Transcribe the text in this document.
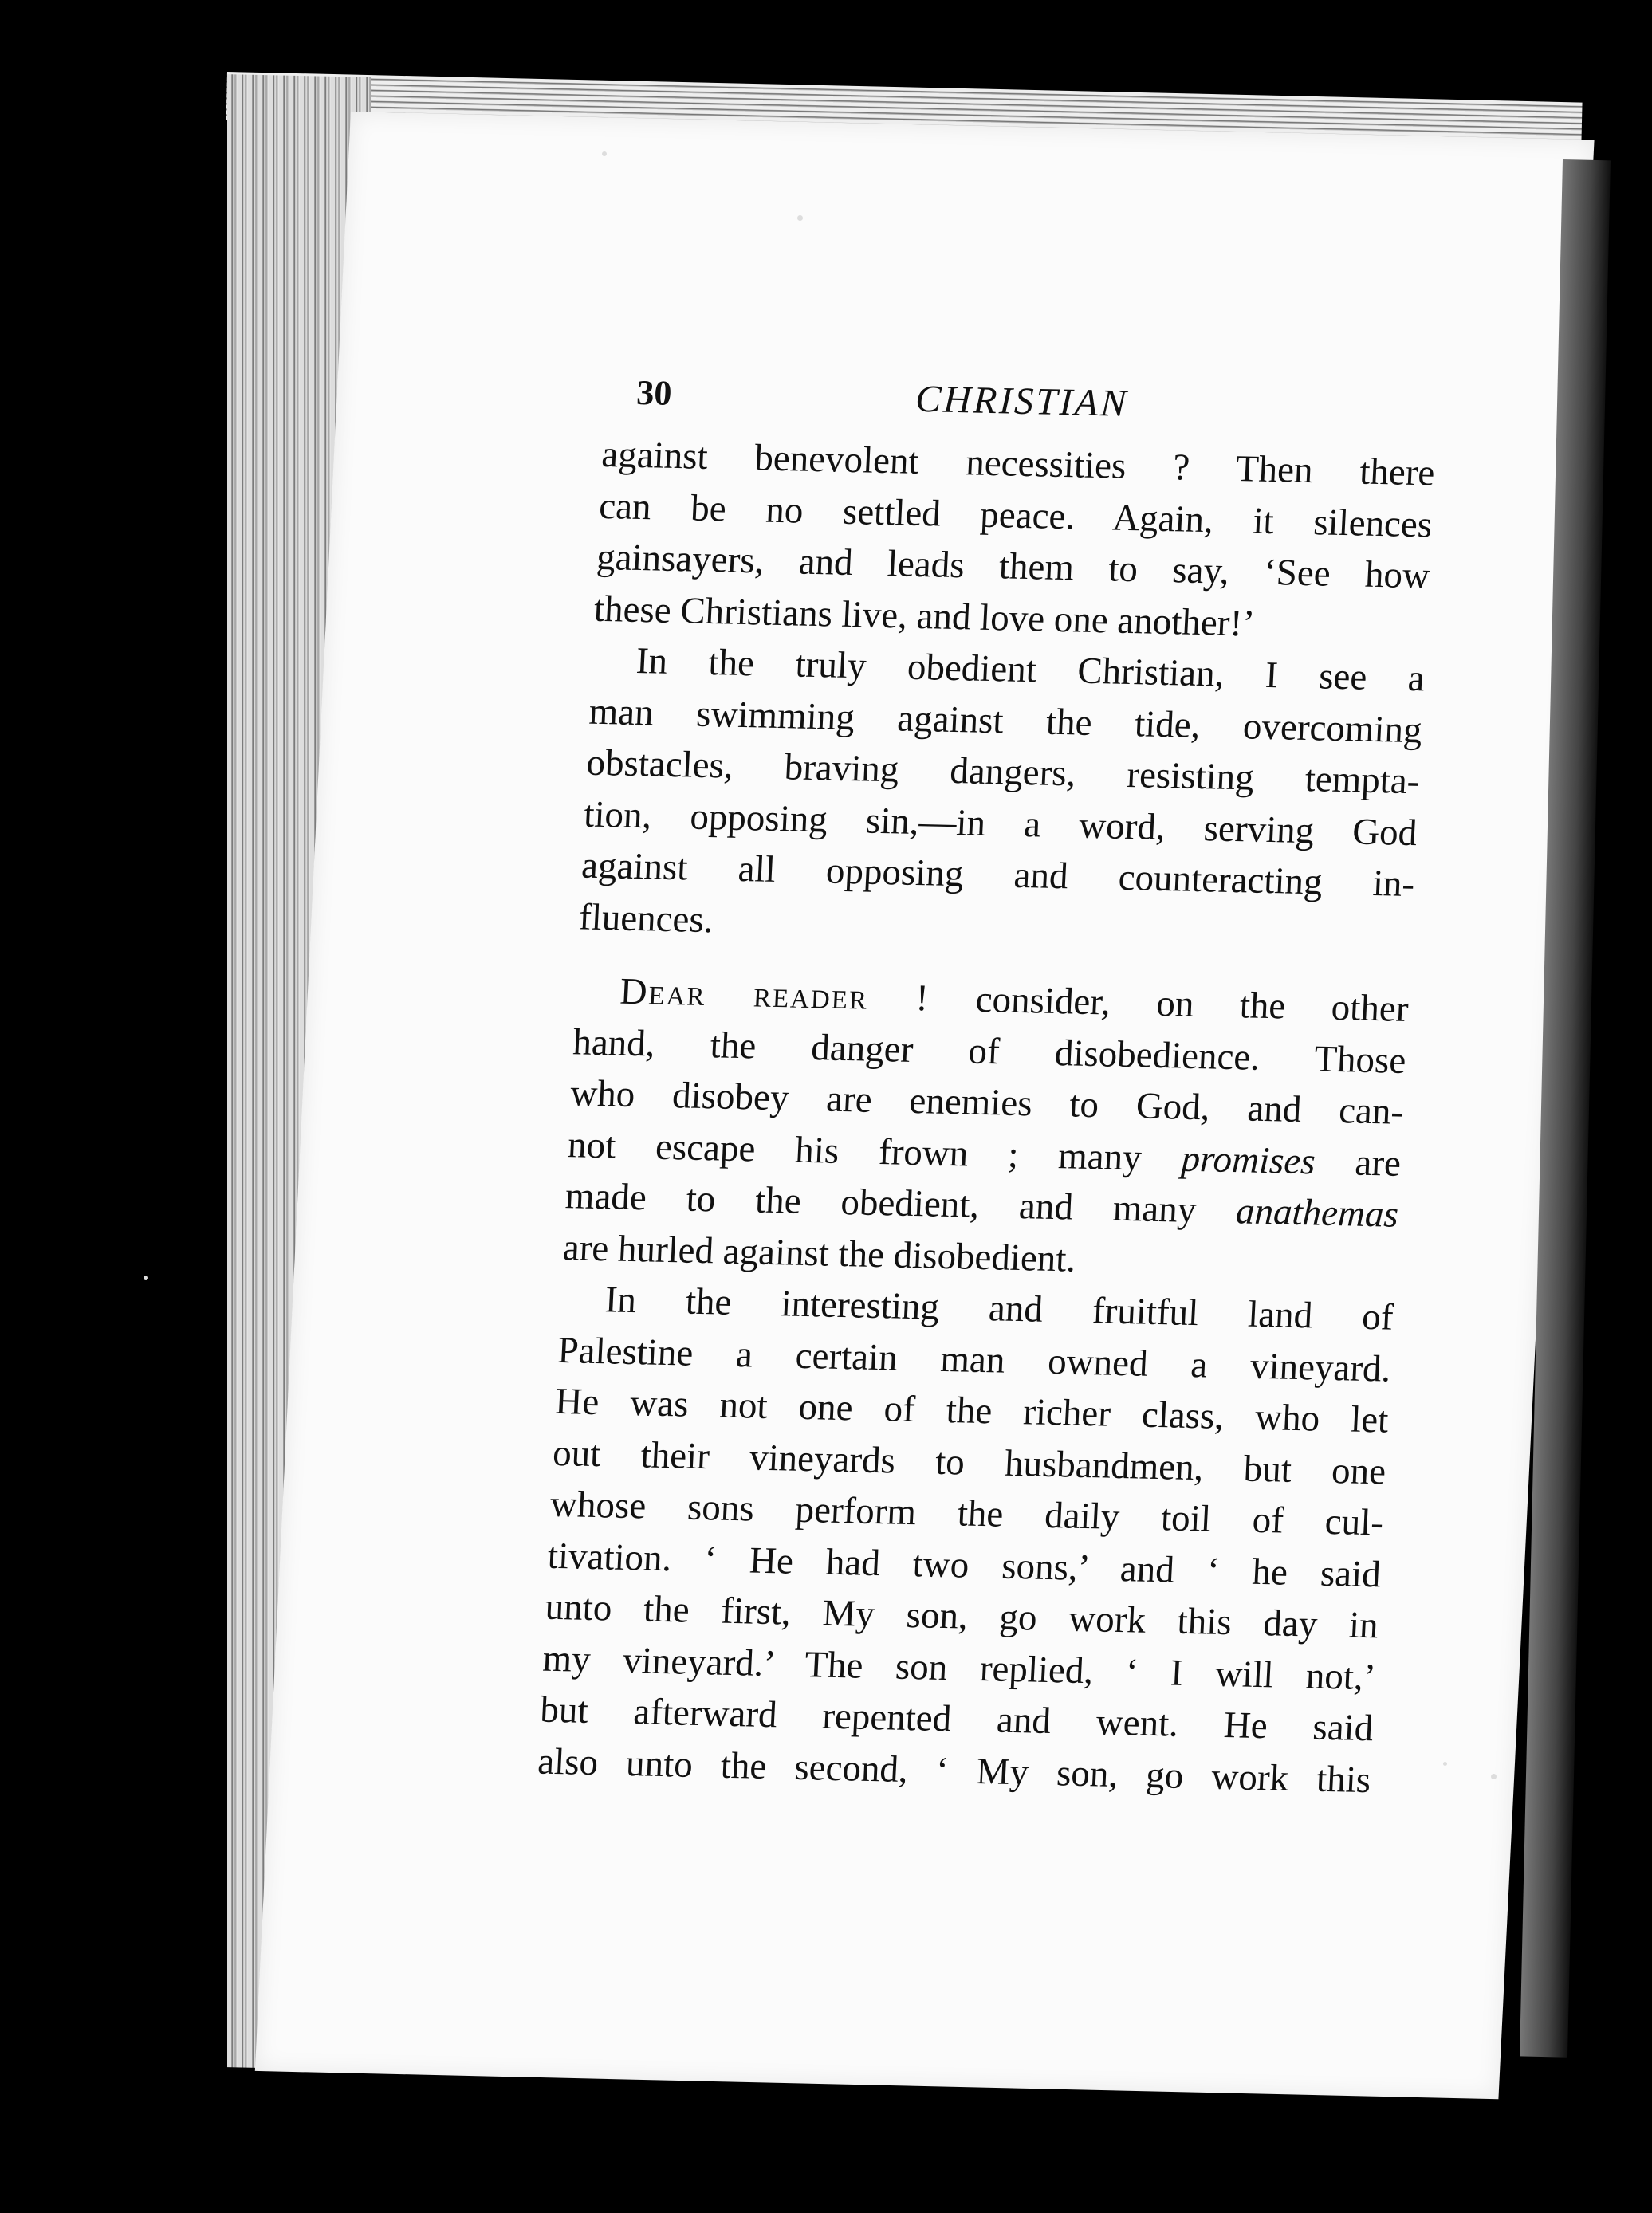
30	CHRISTIAN

against benevolent necessities ? Then there
can be no settled peace. Again, it silences
gainsayers, and leads them to say, ‘See how
these Christians live, and love one another!’

In the truly obedient Christian, I see a
man swimming against the tide, overcoming
obstacles, braving dangers, resisting tempta-
tion, opposing sin,—in a word, serving God
against all opposing and counteracting in-
fluences.

Dear reader ! consider, on the other
hand, the danger of disobedience. Those
who disobey are enemies to God, and can-
not escape his frown ; many promises are
made to the obedient, and many anathemas
are hurled against the disobedient.

In the interesting and fruitful land of
Palestine a certain man owned a vineyard.
He was not one of the richer class, who let
out their vineyards to husbandmen, but one
whose sons perform the daily toil of cul-
tivation. ‘ He had two sons,’ and ‘ he said
unto the first, My son, go work this day in
my vineyard.’ The son replied, ‘ I will not,’
but afterward repented and went. He said
also unto the second, ‘ My son, go work this
